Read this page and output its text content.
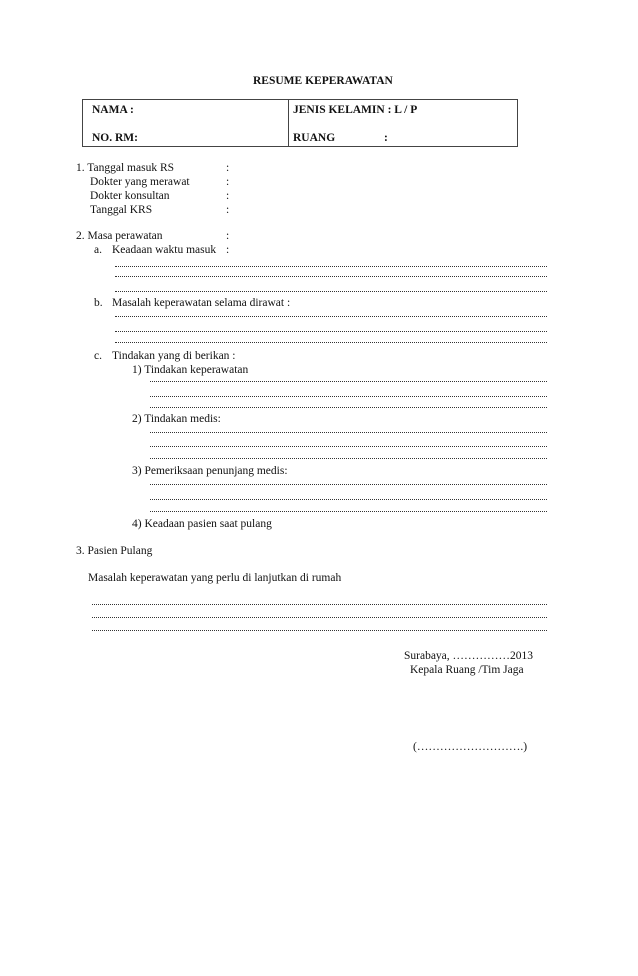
RESUME KEPERAWATAN
NAMA :
NO. RM:
JENIS KELAMIN : L / P
RUANG	:
1. Tanggal masuk RS	:
Dokter yang merawat	:
Dokter konsultan	:
Tanggal KRS	:
2. Masa perawatan	:
a. Keadaan waktu masuk :
b. Masalah keperawatan selama dirawat :
c. Tindakan yang di berikan :
1) Tindakan keperawatan
2) Tindakan medis:
3) Pemeriksaan penunjang medis:
4) Keadaan pasien saat pulang
3. Pasien Pulang
Masalah keperawatan yang perlu di lanjutkan di rumah
Surabaya, ……………2013
Kepala Ruang /Tim Jaga
(……………………….)
